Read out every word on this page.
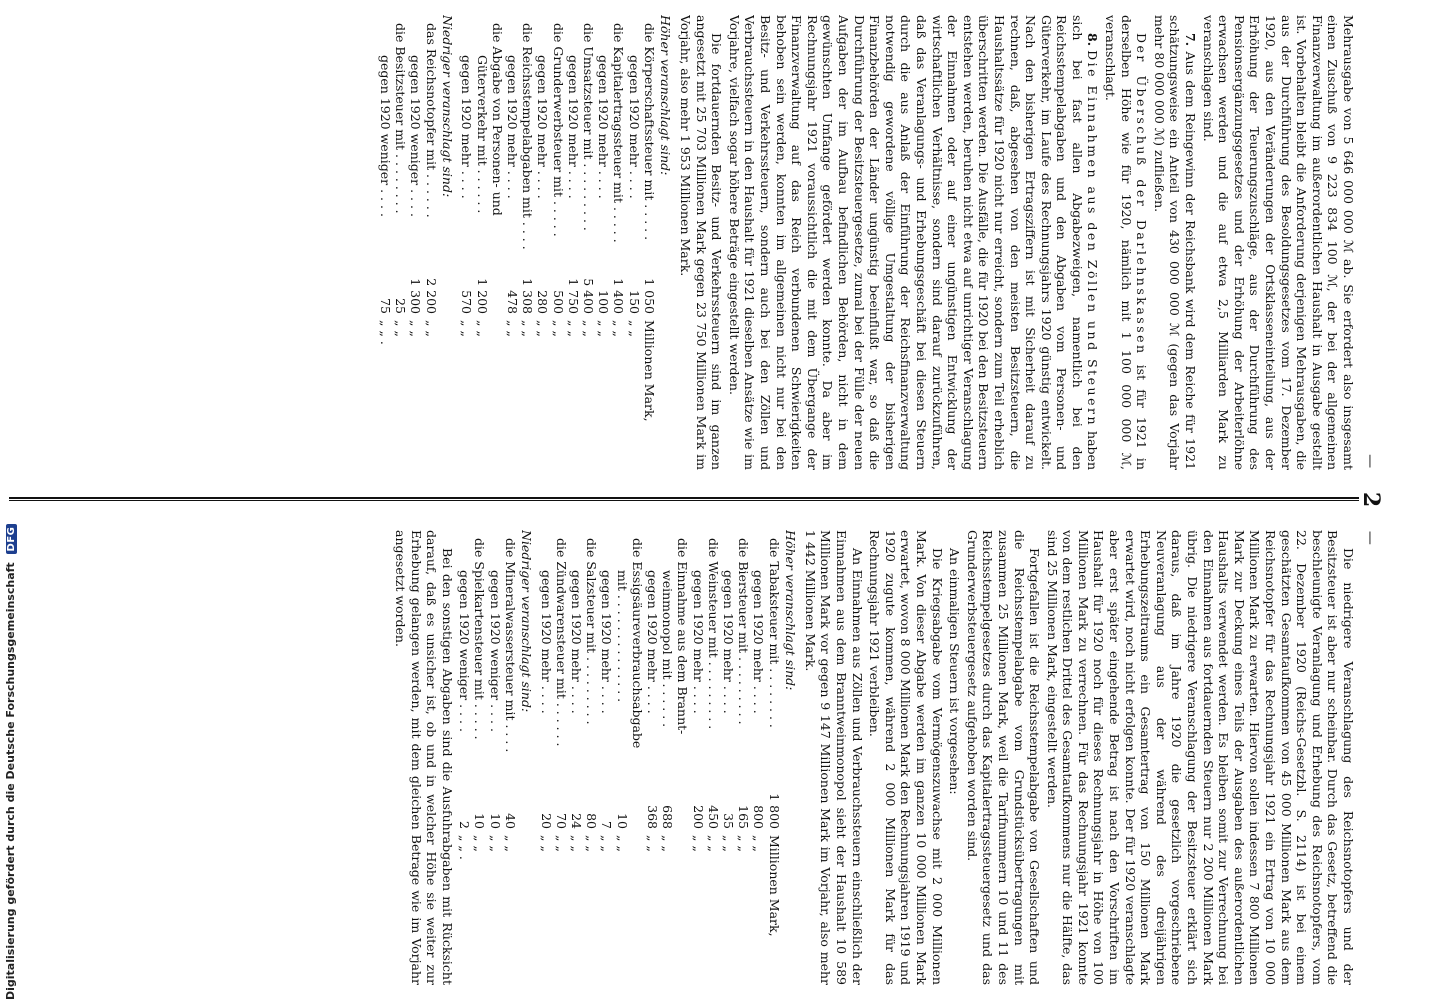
— 2 —

Mehrausgabe von 5 646 000 000 ℳ ab. Sie erfordert also insgesamt einen Zuschuß von 9 223 834 100 ℳ, der bei der allgemeinen Finanzverwaltung im außerordentlichen Haushalt in Ausgabe gestellt ist. Vorbehalten bleibt die Anforderung derjenigen Mehrausgaben, die aus der Durchführung des Besoldungsgesetzes vom 17. Dezember 1920, aus den Veränderungen der Ortsklasseneinteilung, aus der Erhöhung der Teuerungszuschläge, aus der Durchführung des Pensionsergänzungsgesetzes und der Erhöhung der Arbeiterlöhne erwachsen werden und die auf etwa 2,5 Milliarden Mark zu veranschlagen sind.

7. Aus dem Reingewinn der Reichsbank wird dem Reiche für 1921 schätzungsweise ein Anteil von 430 000 000 ℳ (gegen das Vorjahr mehr 80 000 000 ℳ) zufließen.

Der Überschuß der Darlehnskassen ist für 1921 in derselben Höhe wie für 1920, nämlich mit 1 100 000 000 ℳ, veranschlagt.

8. Die Einnahmen aus den Zöllen und Steuern haben sich bei fast allen Abgabezweigen, namentlich bei den Reichsstempelabgaben und den Abgaben vom Personen- und Güterverkehr, im Laufe des Rechnungsjahrs 1920 günstig entwickelt. Nach den bisherigen Ertragsziffern ist mit Sicherheit darauf zu rechnen, daß, abgesehen von den meisten Besitzsteuern, die Haushaltssätze für 1920 nicht nur erreicht, sondern zum Teil erheblich überschritten werden. Die Ausfälle, die für 1920 bei den Besitzsteuern entstehen werden, beruhen nicht etwa auf unrichtiger Veranschlagung der Einnahmen oder auf einer ungünstigen Entwicklung der wirtschaftlichen Verhältnisse, sondern sind darauf zurückzuführen, daß das Veranlagungs- und Erhebungsgeschäft bei diesen Steuern durch die aus Anlaß der Einführung der Reichsfinanzverwaltung notwendig gewordene völlige Umgestaltung der bisherigen Finanzbehörden der Länder ungünstig beeinflußt war, so daß die Durchführung der Besitzsteuergesetze, zumal bei der Fülle der neuen Aufgaben der im Aufbau befindlichen Behörden, nicht in dem gewünschten Umfange gefördert werden konnte. Da aber im Rechnungsjahr 1921 voraussichtlich die mit dem Übergange der Finanzverwaltung auf das Reich verbundenen Schwierigkeiten behoben sein werden, konnten im allgemeinen nicht nur bei den Besitz- und Verkehrssteuern, sondern auch bei den Zöllen und Verbrauchssteuern in den Haushalt für 1921 dieselben Ansätze wie im Vorjahre, vielfach sogar höhere Beträge eingestellt werden.

Die fortdauernden Besitz- und Verkehrssteuern sind im ganzen angesetzt mit 25 703 Millionen Mark gegen 23 750 Millionen Mark im Vorjahr, also mehr 1 953 Millionen Mark.

Höher veranschlagt sind:
die Körperschaftssteuer mit . . . . .	1 050	Millionen Mark,
gegen 1920 mehr . . . .	150	„ „
die Kapitalertragssteuer mit . . . . .	1 400	„ „
gegen 1920 mehr . . . .	100	„ „
die Umsatzsteuer mit . . . . . . . . .	5 400	„ „
gegen 1920 mehr . . . .	1 750	„ „
die Grunderwerbsteuer mit . . . . .	500	„ „
gegen 1920 mehr . . . .	280	„ „
die Reichsstempelabgaben mit . . . .	1 308	„ „
gegen 1920 mehr . . . .	478	„ „
die Abgabe von Personen- und		
Güterverkehr mit . . . . . .	1 200	„ „
gegen 1920 mehr . . . .	570	„ „
Niedriger veranschlagt sind:
das Reichsnotopfer mit . . . . . .	2 200	„ „
gegen 1920 weniger . . . .	1 300	„ „
die Besitzsteuer mit . . . . . . . .	25	„ „
gegen 1920 weniger . . . .	75	„ „ .

Die niedrigere Veranschlagung des Reichsnotopfers und der Besitzsteuer ist aber nur scheinbar. Durch das Gesetz, betreffend die beschleunigte Veranlagung und Erhebung des Reichsnotopfers, vom 22. Dezember 1920 (Reichs-Gesetzbl. S. 2114) ist bei einem geschätzten Gesamtaufkommen von 45 000 Millionen Mark aus dem Reichsnotopfer für das Rechnungsjahr 1921 ein Ertrag von 10 000 Millionen Mark zu erwarten. Hiervon sollen indessen 7 800 Millionen Mark zur Deckung eines Teils der Ausgaben des außerordentlichen Haushalts verwendet werden. Es bleiben somit zur Verrechnung bei den Einnahmen aus fortdauernden Steuern nur 2 200 Millionen Mark übrig. Die niedrigere Veranschlagung der Besitzsteuer erklärt sich daraus, daß im Jahre 1920 die gesetzlich vorgeschriebene Neuveranlagung aus der während des dreijährigen Erhebungszeitraums ein Gesamtertrag von 150 Millionen Mark erwartet wird, noch nicht erfolgen konnte. Der für 1920 veranschlagte aber erst später eingehende Betrag ist nach den Vorschriften im Haushalt für 1920 noch für dieses Rechnungsjahr in Höhe von 100 Millionen Mark zu verrechnen. Für das Rechnungsjahr 1921 konnte von dem restlichen Drittel des Gesamtaufkommens nur die Hälfte, das sind 25 Millionen Mark, eingestellt werden.

Fortgefallen ist die Reichsstempelabgabe von Gesellschaften und die Reichsstempelabgabe vom Grundstücksübertragungen mit zusammen 25 Millionen Mark, weil die Tarifnummern 10 und 11 des Reichsstempelgesetzes durch das Kapitalertragssteuergesetz und das Grunderwerbsteuergesetz aufgehoben worden sind.

An einmaligen Steuern ist vorgesehen:

Die Kriegsabgabe vom Vermögenszuwachse mit 2 000 Millionen Mark. Von dieser Abgabe werden im ganzen 10 000 Millionen Mark erwartet, wovon 8 000 Millionen Mark den Rechnungsjahren 1919 und 1920 zugute kommen, während 2 000 Millionen Mark für das Rechnungsjahr 1921 verbleiben.

An Einnahmen aus Zöllen und Verbrauchssteuern einschließlich der Einnahmen aus dem Branntweinmonopol sieht der Haushalt 10 589 Millionen Mark vor gegen 9 147 Millionen Mark im Vorjahr, also mehr 1 442 Millionen Mark.

Höher veranschlagt sind:
die Tabaksteuer mit . . . . . . . .	1 800	Millionen Mark,
gegen 1920 mehr . . . .	800	„ „
die Biersteuer mit . . . . . . . . .	165	„ „
gegen 1920 mehr . . . .	35	„ „
die Weinsteuer mit . . . . . . . . .	450	„ „
gegen 1920 mehr . . . .	200	„ „
die Einnahme aus dem Brannt-		
weinmonopol mit . . . . . .	688	„ „
gegen 1920 mehr . . . .	368	„ „
die Essigsäureverbrauchsabgabe		
mit . . . . . . . . . . . . . .	10	„ „
gegen 1920 mehr . . . .	7	„ „
die Salzsteuer mit . . . . . . . . .	80	„ „
gegen 1920 mehr . . . .	24	„ „
die Zündwarensteuer mit . . . . . .	70	„ „
gegen 1920 mehr . . . .	20	„ „
Niedriger veranschlagt sind:
die Mineralwassersteuer mit . . . .	40	„ „
gegen 1920 weniger . . . .	10	„ „
die Spielkartensteuer mit . . . . .	10	„ „
gegen 1920 weniger . . . .	2	„ „ .

Bei den sonstigen Abgaben sind die Ausfuhrabgaben mit Rücksicht darauf, daß es unsicher ist, ob und in welcher Höhe sie weiter zur Erhebung gelangen werden, mit dem gleichen Betrage wie im Vorjahr angesetzt worden.

Digitalisierung gefördert durch die Deutsche Forschungsgemeinschaft DFG
